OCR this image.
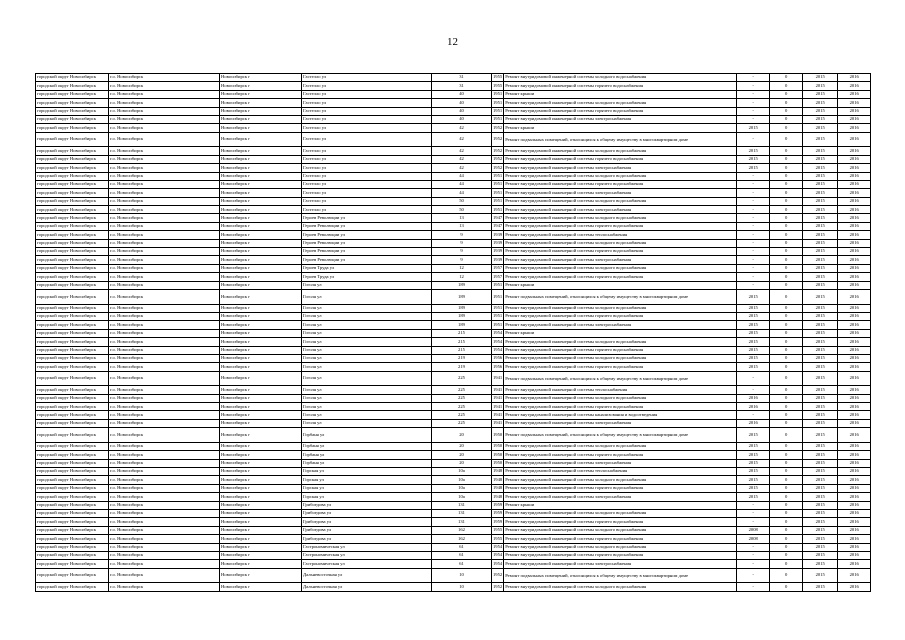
12
городской округ Новосибирск	г.о. Новосибирск	Новосибирск г	Гастелло ул	31	1955	Ремонт внутридомовой инженерной системы холодного водоснабжения	-	0	2015	2016
городской округ Новосибирск	г.о. Новосибирск	Новосибирск г	Гастелло ул	31	1955	Ремонт внутридомовой инженерной системы горячего водоснабжения	-	0	2015	2016
городской округ Новосибирск	г.о. Новосибирск	Новосибирск г	Гастелло ул	40	1951	Ремонт крыши	-	0	2015	2016
городской округ Новосибирск	г.о. Новосибирск	Новосибирск г	Гастелло ул	40	1951	Ремонт внутридомовой инженерной системы холодного водоснабжения	-	0	2015	2016
городской округ Новосибирск	г.о. Новосибирск	Новосибирск г	Гастелло ул	40	1951	Ремонт внутридомовой инженерной системы горячего водоснабжения	-	0	2015	2016
городской округ Новосибирск	г.о. Новосибирск	Новосибирск г	Гастелло ул	40	1951	Ремонт внутридомовой инженерной системы электроснабжения	-	0	2015	2016
городской округ Новосибирск	г.о. Новосибирск	Новосибирск г	Гастелло ул	42	1952	Ремонт крыши	2015	0	2015	2016
городской округ Новосибирск	г.о. Новосибирск	Новосибирск г	Гастелло ул	42	1952	Ремонт подвальных помещений, относящихся к общему имуществу в многоквартирном доме	-	0	2015	2016
городской округ Новосибирск	г.о. Новосибирск	Новосибирск г	Гастелло ул	42	1952	Ремонт внутридомовой инженерной системы холодного водоснабжения	2015	0	2015	2016
городской округ Новосибирск	г.о. Новосибирск	Новосибирск г	Гастелло ул	42	1952	Ремонт внутридомовой инженерной системы горячего водоснабжения	2015	0	2015	2016
городской округ Новосибирск	г.о. Новосибирск	Новосибирск г	Гастелло ул	42	1952	Ремонт внутридомовой инженерной системы электроснабжения	2015	0	2015	2016
городской округ Новосибирск	г.о. Новосибирск	Новосибирск г	Гастелло ул	44	1951	Ремонт внутридомовой инженерной системы холодного водоснабжения	-	0	2015	2016
городской округ Новосибирск	г.о. Новосибирск	Новосибирск г	Гастелло ул	44	1951	Ремонт внутридомовой инженерной системы горячего водоснабжения	-	0	2015	2016
городской округ Новосибирск	г.о. Новосибирск	Новосибирск г	Гастелло ул	44	1951	Ремонт внутридомовой инженерной системы электроснабжения	-	0	2015	2016
городской округ Новосибирск	г.о. Новосибирск	Новосибирск г	Гастелло ул	50	1951	Ремонт внутридомовой инженерной системы холодного водоснабжения	-	0	2015	2016
городской округ Новосибирск	г.о. Новосибирск	Новосибирск г	Гастелло ул	50	1951	Ремонт внутридомовой инженерной системы электроснабжения	-	0	2015	2016
городской округ Новосибирск	г.о. Новосибирск	Новосибирск г	Героев Революции ул	13	1947	Ремонт внутридомовой инженерной системы холодного водоснабжения	-	0	2015	2016
городской округ Новосибирск	г.о. Новосибирск	Новосибирск г	Героев Революции ул	13	1947	Ремонт внутридомовой инженерной системы горячего водоснабжения	-	0	2015	2016
городской округ Новосибирск	г.о. Новосибирск	Новосибирск г	Героев Революции ул	9	1939	Ремонт внутридомовой инженерной системы теплоснабжения	-	0	2015	2016
городской округ Новосибирск	г.о. Новосибирск	Новосибирск г	Героев Революции ул	9	1939	Ремонт внутридомовой инженерной системы холодного водоснабжения	-	0	2015	2016
городской округ Новосибирск	г.о. Новосибирск	Новосибирск г	Героев Революции ул	9	1939	Ремонт внутридомовой инженерной системы горячего водоснабжения	-	0	2015	2016
городской округ Новосибирск	г.о. Новосибирск	Новосибирск г	Героев Революции ул	9	1939	Ремонт внутридомовой инженерной системы электроснабжения	-	0	2015	2016
городской округ Новосибирск	г.о. Новосибирск	Новосибирск г	Героев Труда ул	12	1957	Ремонт внутридомовой инженерной системы холодного водоснабжения	-	0	2015	2016
городской округ Новосибирск	г.о. Новосибирск	Новосибирск г	Героев Труда ул	12	1957	Ремонт внутридомовой инженерной системы горячего водоснабжения	-	0	2015	2016
городской округ Новосибирск	г.о. Новосибирск	Новосибирск г	Гоголя ул	189	1951	Ремонт крыши	-	0	2015	2016
городской округ Новосибирск	г.о. Новосибирск	Новосибирск г	Гоголя ул	189	1951	Ремонт подвальных помещений, относящихся к общему имуществу в многоквартирном доме	2015	0	2015	2016
городской округ Новосибирск	г.о. Новосибирск	Новосибирск г	Гоголя ул	189	1951	Ремонт внутридомовой инженерной системы холодного водоснабжения	2015	0	2015	2016
городской округ Новосибирск	г.о. Новосибирск	Новосибирск г	Гоголя ул	189	1951	Ремонт внутридомовой инженерной системы горячего водоснабжения	2015	0	2015	2016
городской округ Новосибирск	г.о. Новосибирск	Новосибирск г	Гоголя ул	189	1951	Ремонт внутридомовой инженерной системы электроснабжения	2015	0	2015	2016
городской округ Новосибирск	г.о. Новосибирск	Новосибирск г	Гоголя ул	215	1954	Ремонт крыши	2015	0	2015	2016
городской округ Новосибирск	г.о. Новосибирск	Новосибирск г	Гоголя ул	215	1954	Ремонт внутридомовой инженерной системы холодного водоснабжения	2015	0	2015	2016
городской округ Новосибирск	г.о. Новосибирск	Новосибирск г	Гоголя ул	215	1954	Ремонт внутридомовой инженерной системы горячего водоснабжения	2015	0	2015	2016
городской округ Новосибирск	г.о. Новосибирск	Новосибирск г	Гоголя ул	219	1956	Ремонт внутридомовой инженерной системы холодного водоснабжения	2015	0	2015	2016
городской округ Новосибирск	г.о. Новосибирск	Новосибирск г	Гоголя ул	219	1956	Ремонт внутридомовой инженерной системы горячего водоснабжения	2015	0	2015	2016
городской округ Новосибирск	г.о. Новосибирск	Новосибирск г	Гоголя ул	225	1941	Ремонт подвальных помещений, относящихся к общему имуществу в многоквартирном доме	-	0	2015	2016
городской округ Новосибирск	г.о. Новосибирск	Новосибирск г	Гоголя ул	225	1941	Ремонт внутридомовой инженерной системы теплоснабжения	-	0	2015	2016
городской округ Новосибирск	г.о. Новосибирск	Новосибирск г	Гоголя ул	225	1941	Ремонт внутридомовой инженерной системы холодного водоснабжения	2016	0	2015	2016
городской округ Новосибирск	г.о. Новосибирск	Новосибирск г	Гоголя ул	225	1941	Ремонт внутридомовой инженерной системы горячего водоснабжения	2016	0	2015	2016
городской округ Новосибирск	г.о. Новосибирск	Новосибирск г	Гоголя ул	225	1941	Ремонт внутридомовой инженерной системы канализования и водоотведения	-	0	2015	2016
городской округ Новосибирск	г.о. Новосибирск	Новосибирск г	Гоголя ул	225	1941	Ремонт внутридомовой инженерной системы электроснабжения	2016	0	2015	2016
городской округ Новосибирск	г.о. Новосибирск	Новосибирск г	Горбаня ул	20	1950	Ремонт подвальных помещений, относящихся к общему имуществу в многоквартирном доме	2015	0	2015	2016
городской округ Новосибирск	г.о. Новосибирск	Новосибирск г	Горбаня ул	20	1950	Ремонт внутридомовой инженерной системы холодного водоснабжения	2015	0	2015	2016
городской округ Новосибирск	г.о. Новосибирск	Новосибирск г	Горбаня ул	20	1950	Ремонт внутридомовой инженерной системы горячего водоснабжения	2015	0	2015	2016
городской округ Новосибирск	г.о. Новосибирск	Новосибирск г	Горбаня ул	20	1950	Ремонт внутридомовой инженерной системы электроснабжения	2015	0	2015	2016
городской округ Новосибирск	г.о. Новосибирск	Новосибирск г	Горская ул	10а	1948	Ремонт внутридомовой инженерной системы теплоснабжения	2015	0	2015	2016
городской округ Новосибирск	г.о. Новосибирск	Новосибирск г	Горская ул	10а	1948	Ремонт внутридомовой инженерной системы холодного водоснабжения	2015	0	2015	2016
городской округ Новосибирск	г.о. Новосибирск	Новосибирск г	Горская ул	10а	1948	Ремонт внутридомовой инженерной системы горячего водоснабжения	2015	0	2015	2016
городской округ Новосибирск	г.о. Новосибирск	Новосибирск г	Горская ул	10а	1948	Ремонт внутридомовой инженерной системы электроснабжения	2015	0	2015	2016
городской округ Новосибирск	г.о. Новосибирск	Новосибирск г	Грибоедова ул	131	1959	Ремонт крыши	-	0	2015	2016
городской округ Новосибирск	г.о. Новосибирск	Новосибирск г	Грибоедова ул	131	1959	Ремонт внутридомовой инженерной системы холодного водоснабжения	-	0	2015	2016
городской округ Новосибирск	г.о. Новосибирск	Новосибирск г	Грибоедова ул	131	1959	Ремонт внутридомовой инженерной системы горячего водоснабжения	-	0	2015	2016
городской округ Новосибирск	г.о. Новосибирск	Новосибирск г	Грибоедова ул	162	1955	Ремонт внутридомовой инженерной системы холодного водоснабжения	2008	0	2015	2016
городской округ Новосибирск	г.о. Новосибирск	Новосибирск г	Грибоедова ул	162	1955	Ремонт внутридомовой инженерной системы горячего водоснабжения	2008	0	2015	2016
городской округ Новосибирск	г.о. Новосибирск	Новосибирск г	Гастрономическая ул	61	1954	Ремонт внутридомовой инженерной системы холодного водоснабжения	-	0	2015	2016
городской округ Новосибирск	г.о. Новосибирск	Новосибирск г	Гастрономическая ул	61	1954	Ремонт внутридомовой инженерной системы горячего водоснабжения	-	0	2015	2016
городской округ Новосибирск	г.о. Новосибирск	Новосибирск г	Гастрономическая ул	61	1954	Ремонт внутридомовой инженерной системы электроснабжения	-	0	2015	2016
городской округ Новосибирск	г.о. Новосибирск	Новосибирск г	Дальневосточная ул	10	1952	Ремонт подвальных помещений, относящихся к общему имуществу в многоквартирном доме	-	0	2015	2016
городской округ Новосибирск	г.о. Новосибирск	Новосибирск г	Дальневосточная ул	10	1952	Ремонт внутридомовой инженерной системы холодного водоснабжения	-	0	2015	2016
